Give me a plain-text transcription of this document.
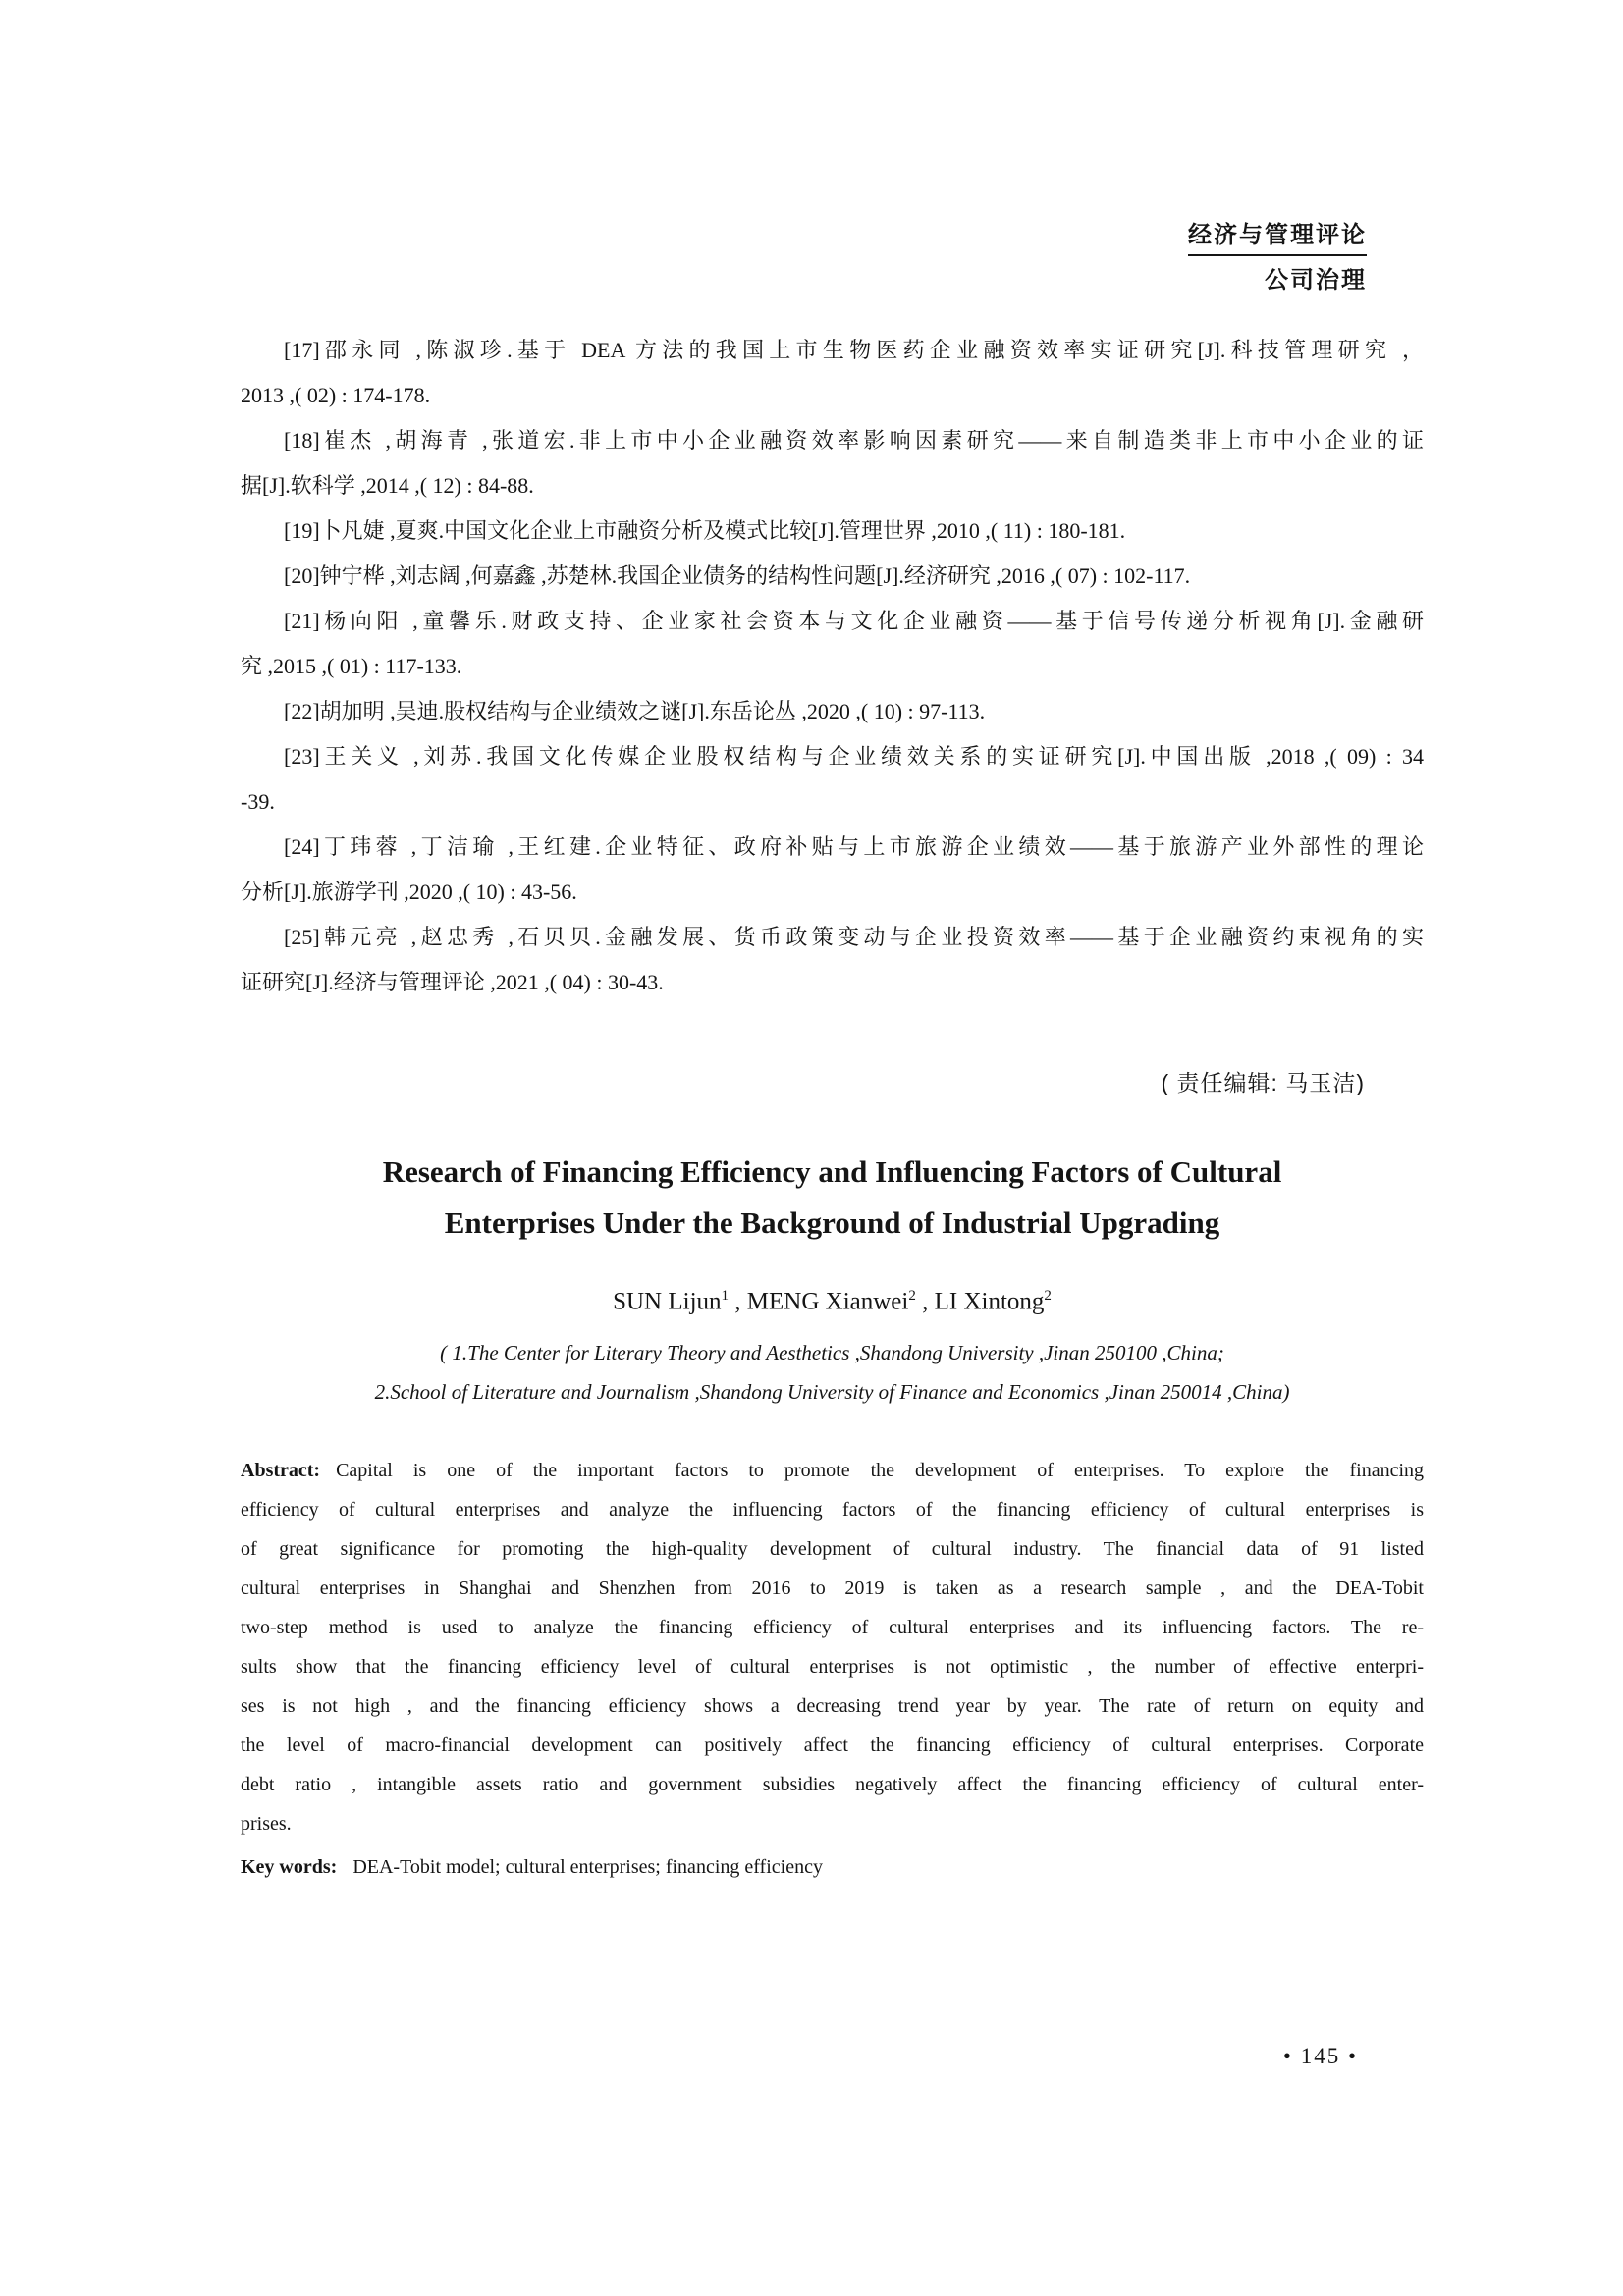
经济与管理评论
公司治理

[17]邵永同 ,陈淑珍.基于 DEA 方法的我国上市生物医药企业融资效率实证研究[J].科技管理研究 ，
2013 ,( 02) : 174-178.

[18]崔杰 ,胡海青 ,张道宏.非上市中小企业融资效率影响因素研究——来自制造类非上市中小企业的证
据[J].软科学 ,2014 ,( 12) : 84-88.

[19]卜凡婕 ,夏爽.中国文化企业上市融资分析及模式比较[J].管理世界 ,2010 ,( 11) : 180-181.

[20]钟宁桦 ,刘志阔 ,何嘉鑫 ,苏楚林.我国企业债务的结构性问题[J].经济研究 ,2016 ,( 07) : 102-117.

[21]杨向阳 ,童馨乐.财政支持、企业家社会资本与文化企业融资——基于信号传递分析视角[J].金融研
究 ,2015 ,( 01) : 117-133.

[22]胡加明 ,吴迪.股权结构与企业绩效之谜[J].东岳论丛 ,2020 ,( 10) : 97-113.

[23]王关义 ,刘苏.我国文化传媒企业股权结构与企业绩效关系的实证研究[J].中国出版 ,2018 ,( 09) : 34
-39.

[24]丁玮蓉 ,丁洁瑜 ,王红建.企业特征、政府补贴与上市旅游企业绩效——基于旅游产业外部性的理论
分析[J].旅游学刊 ,2020 ,( 10) : 43-56.

[25]韩元亮 ,赵忠秀 ,石贝贝.金融发展、货币政策变动与企业投资效率——基于企业融资约束视角的实
证研究[J].经济与管理评论 ,2021 ,( 04) : 30-43.

( 责任编辑: 马玉洁)
Research of Financing Efficiency and Influencing Factors of Cultural
Enterprises Under the Background of Industrial Upgrading
SUN Lijun$^1$ , MENG Xianwei$^2$ , LI Xintong$^2$
( 1.The Center for Literary Theory and Aesthetics ,Shandong University ,Jinan 250100 ,China;
2.School of Literature and Journalism ,Shandong University of Finance and Economics ,Jinan 250014 ,China)
Abstract: Capital is one of the important factors to promote the development of enterprises. To explore the financing
efficiency of cultural enterprises and analyze the influencing factors of the financing efficiency of cultural enterprises is
of great significance for promoting the high-quality development of cultural industry. The financial data of 91 listed
cultural enterprises in Shanghai and Shenzhen from 2016 to 2019 is taken as a research sample , and the DEA-Tobit
two-step method is used to analyze the financing efficiency of cultural enterprises and its influencing factors. The re-
sults show that the financing efficiency level of cultural enterprises is not optimistic , the number of effective enterpri-
ses is not high , and the financing efficiency shows a decreasing trend year by year. The rate of return on equity and
the level of macro-financial development can positively affect the financing efficiency of cultural enterprises. Corporate
debt ratio , intangible assets ratio and government subsidies negatively affect the financing efficiency of cultural enter-
prises.
Key words: DEA-Tobit model; cultural enterprises; financing efficiency
• 145 •
